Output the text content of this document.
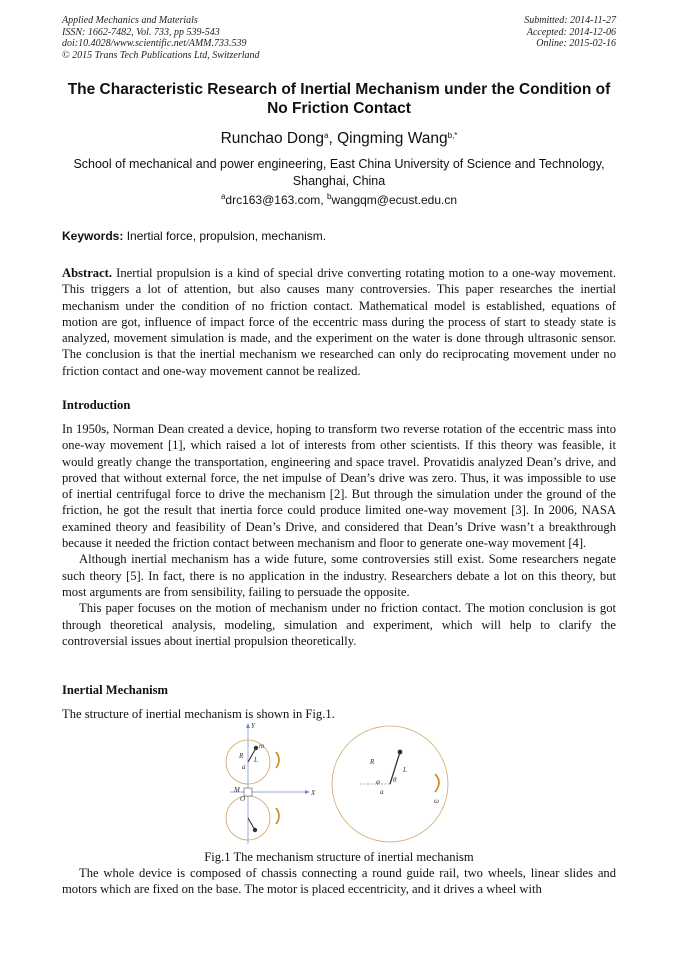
Applied Mechanics and Materials
ISSN: 1662-7482, Vol. 733, pp 539-543
doi:10.4028/www.scientific.net/AMM.733.539
© 2015 Trans Tech Publications Ltd, Switzerland
Submitted: 2014-11-27
Accepted: 2014-12-06
Online: 2015-02-16
The Characteristic Research of Inertial Mechanism under the Condition of No Friction Contact
Runchao Dong$^a$, Qingming Wang$^{b,*}$
School of mechanical and power engineering, East China University of Science and Technology, Shanghai, China
$^a$drc163@163.com, $^b$wangqm@ecust.edu.cn
Keywords: Inertial force, propulsion, mechanism.
Abstract. Inertial propulsion is a kind of special drive converting rotating motion to a one-way movement. This triggers a lot of attention, but also causes many controversies. This paper researches the inertial mechanism under the condition of no friction contact. Mathematical model is established, equations of motion are got, influence of impact force of the eccentric mass during the process of start to steady state is analyzed, movement simulation is made, and the experiment on the water is done through ultrasonic sensor. The conclusion is that the inertial mechanism we researched can only do reciprocating movement under no friction contact and one-way movement cannot be realized.
Introduction

In 1950s, Norman Dean created a device, hoping to transform two reverse rotation of the eccentric mass into one-way movement [1], which raised a lot of interests from other scientists. If this theory was feasible, it would greatly change the transportation, engineering and space travel. Provatidis analyzed Dean’s drive, and proved that without external force, the net impulse of Dean’s drive was zero. Thus, it was impossible to use of inertial centrifugal force to drive the mechanism [2]. But through the simulation under the ground of the friction, he got the result that inertia force could produce limited one-way movement [3]. In 2006, NASA examined theory and feasibility of Dean’s Drive, and considered that Dean’s Drive wasn’t a breakthrough because it needed the friction contact between mechanism and floor to generate one-way movement [4].

Although inertial mechanism has a wide future, some controversies still exist. Some researchers negate such theory [5]. In fact, there is no application in the industry. Researchers debate a lot on this theory, but most arguments are from sensibility, failing to persuade the opposite.

This paper focuses on the motion of mechanism under no friction contact. The motion conclusion is got through theoretical analysis, modeling, simulation and experiment, which will help to clarify the controversial issues about inertial propulsion theoretically.

Inertial Mechanism
The structure of inertial mechanism is shown in Fig.1.
Y
X
R L
a
m
M
O
R
L
φ θ
a
ω
Fig.1 The mechanism structure of inertial mechanism

The whole device is composed of chassis connecting a round guide rail, two wheels, linear slides and motors which are fixed on the base. The motor is placed eccentricity, and it drives a wheel with
